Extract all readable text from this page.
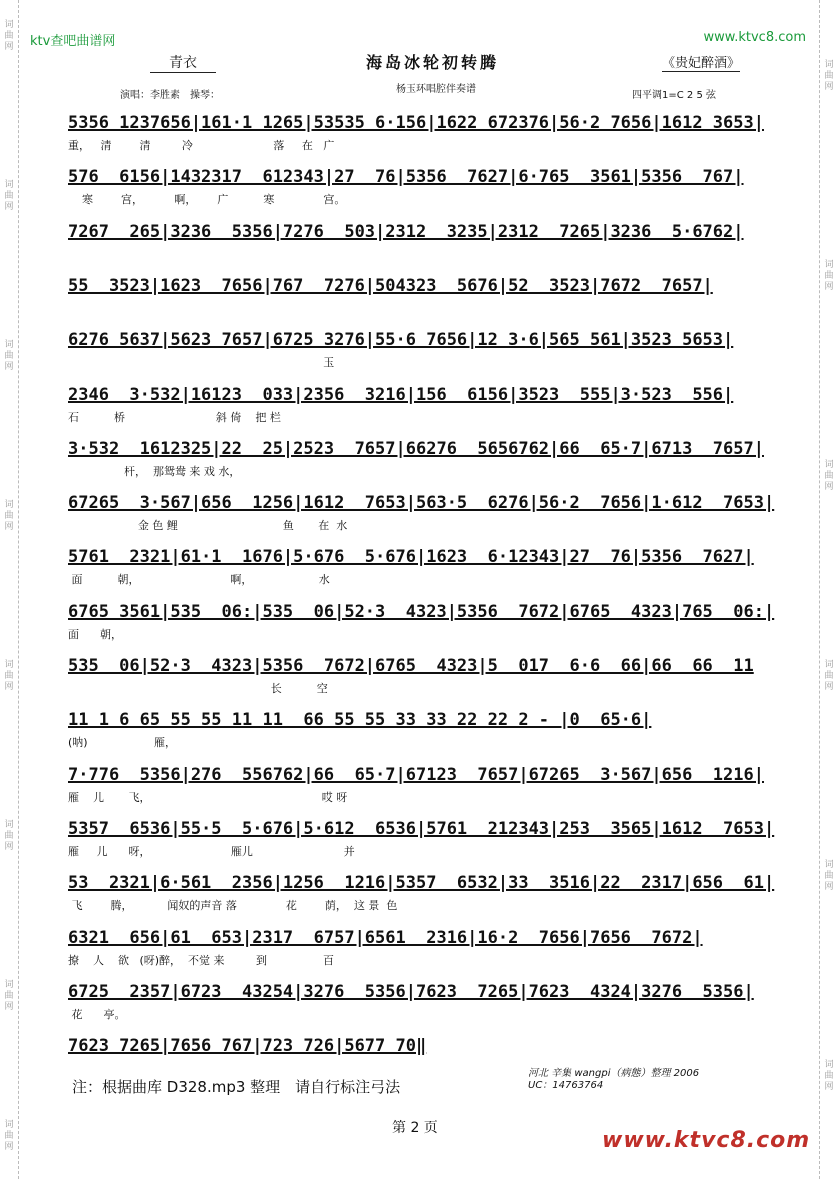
词曲网
词曲网
词曲网
词曲网
词曲网
词曲网
词曲网
词曲网
词曲网
词曲网
词曲网
词曲网
词曲网
词曲网
ktv查吧曲谱网	www.ktvc8.com
青衣	海岛冰轮初转腾	《贵妃醉酒》
演唱：李胜素　操琴：
杨玉环唱腔伴奏谱
四平调1=C 2 5 弦
5356 1237656|161·1 1265|53535 6·156|1622 672376|56·2 7656|1612 3653|
重，   清        清         冷                       落     在   广
576  6156|1432317  612343|27  76|5356  7627|6·765  3561|5356  767|
寒        宫，         啊，      广          寒              宫。
7267  265|3236  5356|7276  503|2312  3235|2312  7265|3236  5·6762|
55  3523|1623  7656|767  7276|504323  5676|52  3523|7672  7657|
6276 5637|5623 7657|6725 3276|55·6 7656|12 3·6|565 561|3523 5653|
玉
2346  3·532|16123  033|2356  3216|156  6156|3523  555|3·523  556|
石          桥                          斜 倚    把 栏
3·532  1612325|22  25|2523  7657|66276  5656762|66  65·7|6713  7657|
杆，  那鸳鸯 来 戏 水，
67265  3·567|656  1256|1612  7653|563·5  6276|56·2  7656|1·612  7653|
金 色 鲤                              鱼       在  水
5761  2321|61·1  1676|5·676  5·676|1623  6·12343|27  76|5356  7627|
面          朝，                          啊，                   水
6765 3561|535  06:|535  06|52·3  4323|5356  7672|6765  4323|765  06:|
面      朝，
535  06|52·3  4323|5356  7672|6765  4323|5  017  6·6  66|66  66  11
长          空
11 1 6 65 55 55 11 11  66 55 55 33 33 22 22 2 - |0  65·6|
(呐)                   雁，
7·776  5356|276  556762|66  65·7|67123  7657|67265  3·567|656  1216|
雁    儿       飞，                                                 哎 呀
5357  6536|55·5  5·676|5·612  6536|5761  212343|253  3565|1612  7653|
雁     儿      呀，                       雁儿                          并
53  2321|6·561  2356|1256  1216|5357  6532|33  3516|22  2317|656  61|
飞        腾，          闻奴的声音 落              花        荫，  这 景  色
6321  656|61  653|2317  6757|6561  2316|16·2  7656|7656  7672|
撩    人    欲   (呀)醉，  不觉 来         到                百
6725  2357|6723  43254|3276  5356|7623  7265|7623  4324|3276  5356|
花      亭。
7623 7265|7656 767|723 726|5677 70‖
注：根据曲库 D328.mp3 整理　请自行标注弓法
河北 辛集 wangpi（病態）整理 2006
UC：14763764
第 2 页	www.ktvc8.com
